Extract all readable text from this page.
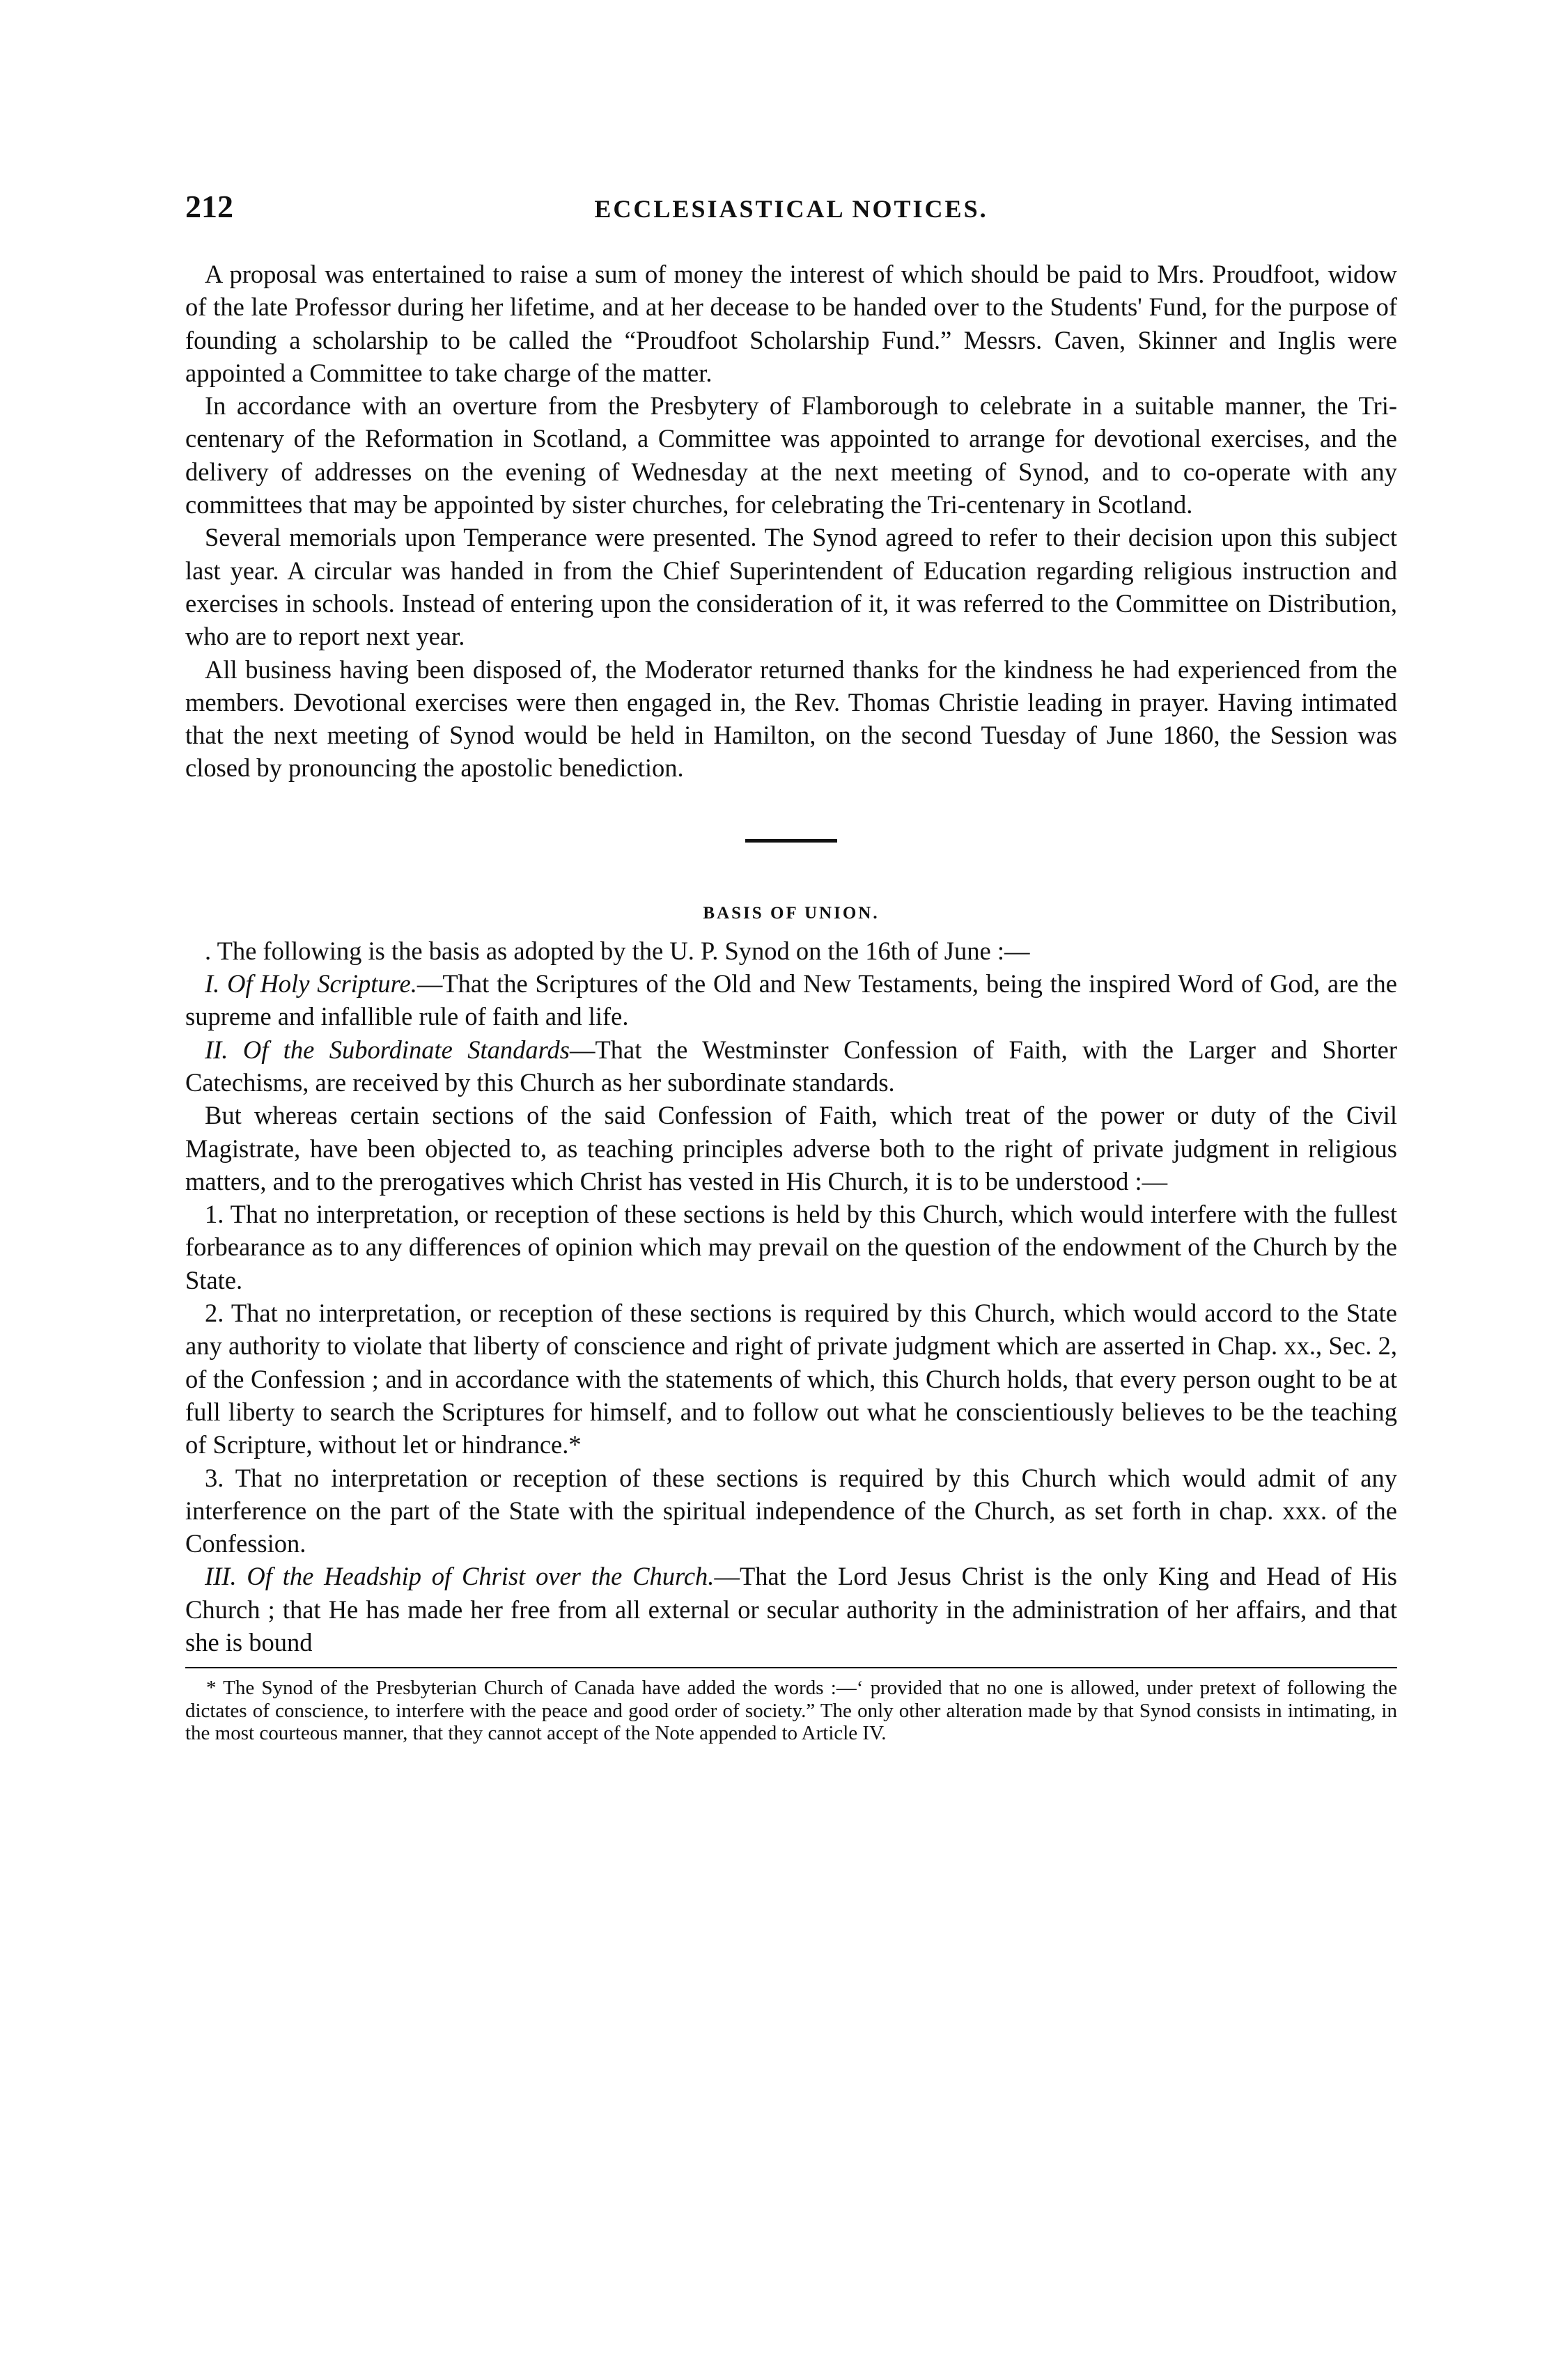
212	ECCLESIASTICAL NOTICES.

A proposal was entertained to raise a sum of money the interest of which should be paid to Mrs. Proudfoot, widow of the late Professor during her lifetime, and at her decease to be handed over to the Students' Fund, for the purpose of founding a scholarship to be called the “Proudfoot Scholarship Fund.” Messrs. Caven, Skinner and Inglis were appointed a Committee to take charge of the matter.

In accordance with an overture from the Presbytery of Flamborough to celebrate in a suitable manner, the Tri-centenary of the Reformation in Scotland, a Committee was appointed to arrange for devotional exercises, and the delivery of addresses on the evening of Wednesday at the next meeting of Synod, and to co-operate with any committees that may be appointed by sister churches, for celebrating the Tri-centenary in Scotland.

Several memorials upon Temperance were presented. The Synod agreed to refer to their decision upon this subject last year. A circular was handed in from the Chief Superintendent of Education regarding religious instruction and exercises in schools. Instead of entering upon the consideration of it, it was referred to the Committee on Distribution, who are to report next year.

All business having been disposed of, the Moderator returned thanks for the kindness he had experienced from the members. Devotional exercises were then engaged in, the Rev. Thomas Christie leading in prayer. Having intimated that the next meeting of Synod would be held in Hamilton, on the second Tuesday of June 1860, the Session was closed by pronouncing the apostolic benediction.

BASIS OF UNION.

. The following is the basis as adopted by the U. P. Synod on the 16th of June :—

I. Of Holy Scripture.—That the Scriptures of the Old and New Testaments, being the inspired Word of God, are the supreme and infallible rule of faith and life.

II. Of the Subordinate Standards—That the Westminster Confession of Faith, with the Larger and Shorter Catechisms, are received by this Church as her subordinate standards.

But whereas certain sections of the said Confession of Faith, which treat of the power or duty of the Civil Magistrate, have been objected to, as teaching principles adverse both to the right of private judgment in religious matters, and to the prerogatives which Christ has vested in His Church, it is to be understood :—

1. That no interpretation, or reception of these sections is held by this Church, which would interfere with the fullest forbearance as to any differences of opinion which may prevail on the question of the endowment of the Church by the State.

2. That no interpretation, or reception of these sections is required by this Church, which would accord to the State any authority to violate that liberty of conscience and right of private judgment which are asserted in Chap. xx., Sec. 2, of the Confession ; and in accordance with the statements of which, this Church holds, that every person ought to be at full liberty to search the Scriptures for himself, and to follow out what he conscientiously believes to be the teaching of Scripture, without let or hindrance.*

3. That no interpretation or reception of these sections is required by this Church which would admit of any interference on the part of the State with the spiritual independence of the Church, as set forth in chap. xxx. of the Confession.

III. Of the Headship of Christ over the Church.—That the Lord Jesus Christ is the only King and Head of His Church ; that He has made her free from all external or secular authority in the administration of her affairs, and that she is bound

* The Synod of the Presbyterian Church of Canada have added the words :—‘ provided that no one is allowed, under pretext of following the dictates of conscience, to interfere with the peace and good order of society.” The only other alteration made by that Synod consists in intimating, in the most courteous manner, that they cannot accept of the Note appended to Article IV.
